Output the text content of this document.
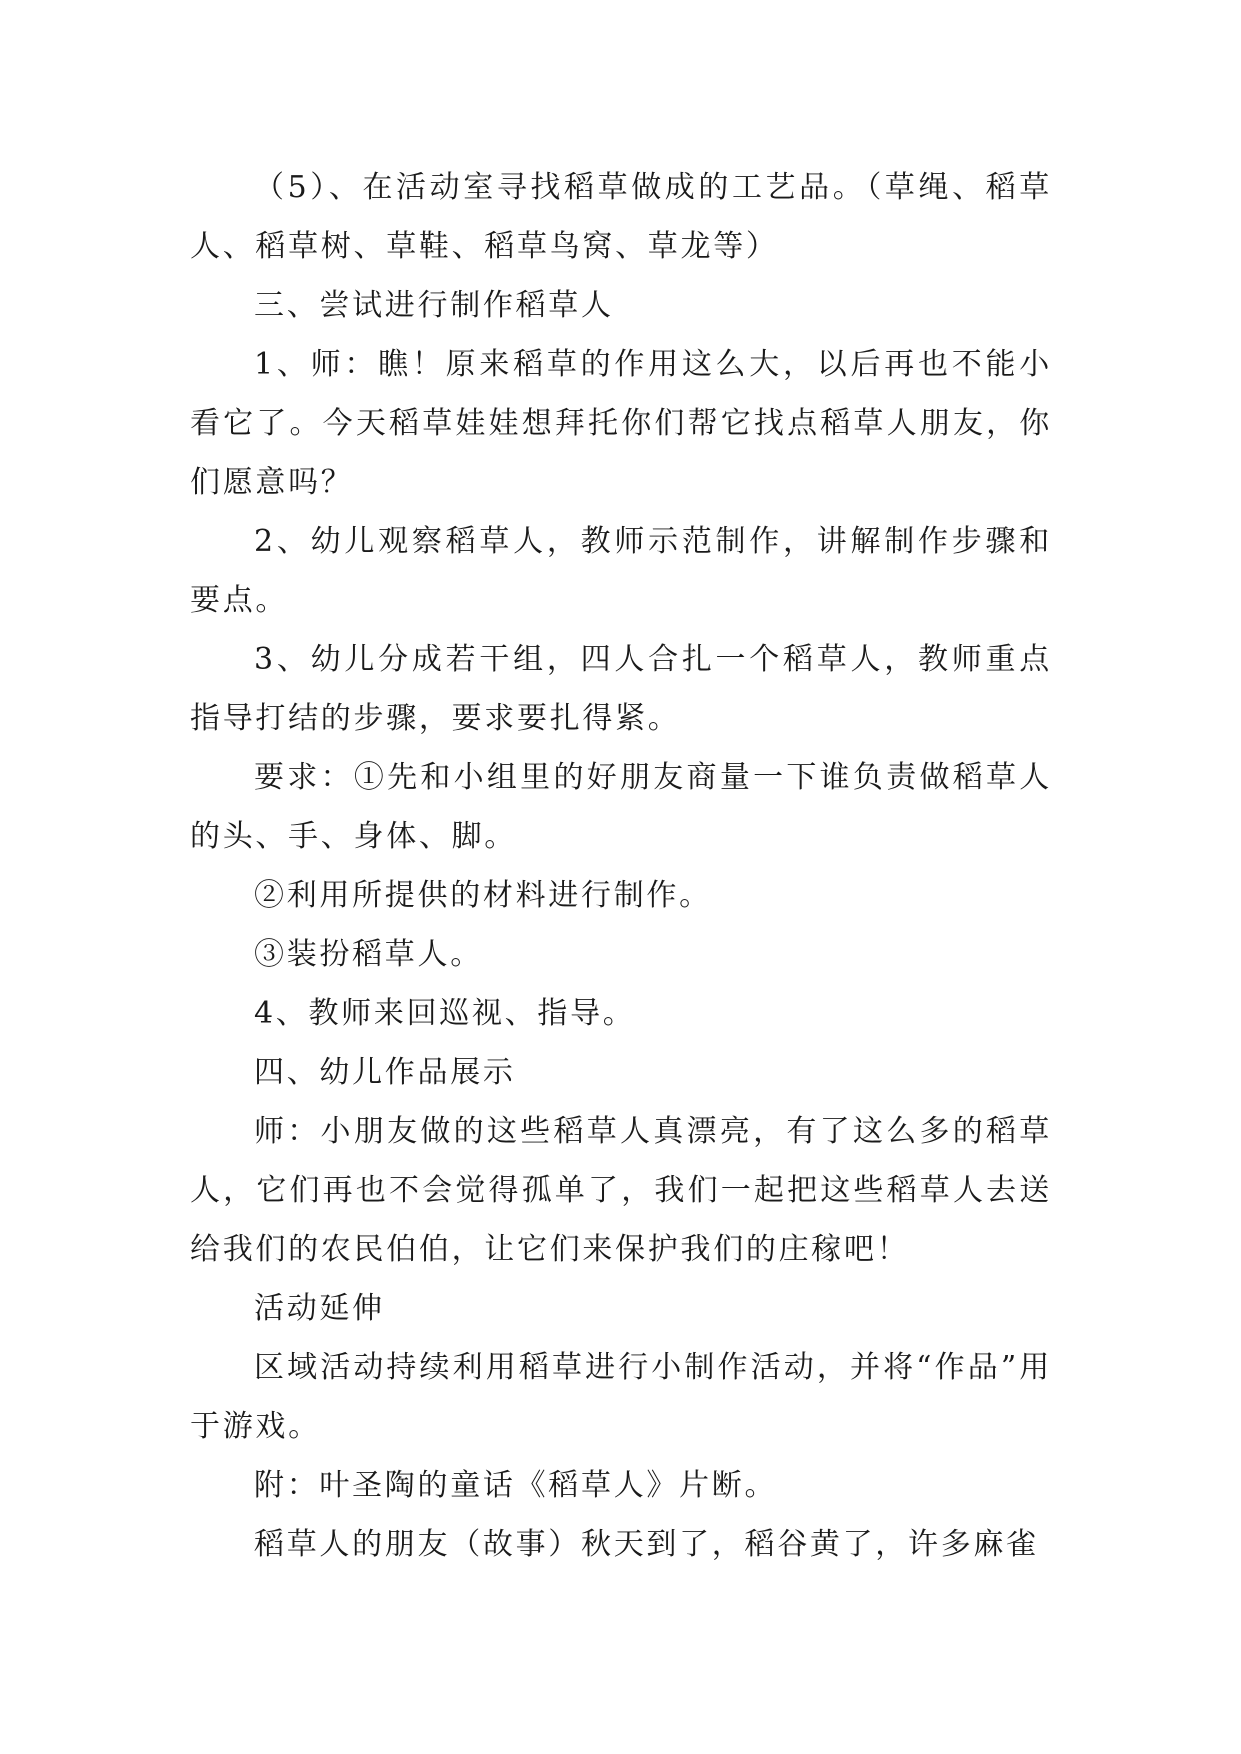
（5）、在活动室寻找稻草做成的工艺品。（草绳、稻草人、稻草树、草鞋、稻草鸟窝、草龙等）

三、尝试进行制作稻草人

1、师：瞧！原来稻草的作用这么大，以后再也不能小看它了。今天稻草娃娃想拜托你们帮它找点稻草人朋友，你们愿意吗？

2、幼儿观察稻草人，教师示范制作，讲解制作步骤和要点。

3、幼儿分成若干组，四人合扎一个稻草人，教师重点指导打结的步骤，要求要扎得紧。

要求：①先和小组里的好朋友商量一下谁负责做稻草人的头、手、身体、脚。

②利用所提供的材料进行制作。

③装扮稻草人。

4、教师来回巡视、指导。

四、幼儿作品展示

师：小朋友做的这些稻草人真漂亮，有了这么多的稻草人，它们再也不会觉得孤单了，我们一起把这些稻草人去送给我们的农民伯伯，让它们来保护我们的庄稼吧！

活动延伸

区域活动持续利用稻草进行小制作活动，并将“作品”用于游戏。

附：叶圣陶的童话《稻草人》片断。

稻草人的朋友（故事）秋天到了，稻谷黄了，许多麻雀
